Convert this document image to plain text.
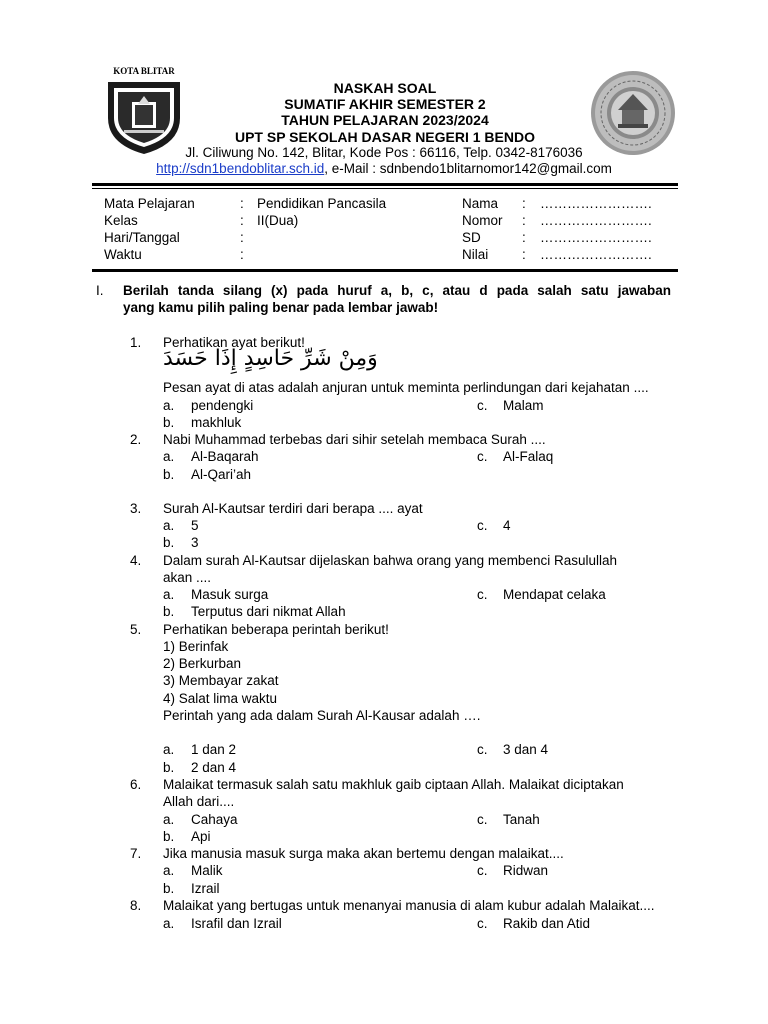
KOTA BLITAR
NASKAH SOAL
SUMATIF AKHIR SEMESTER 2
TAHUN PELAJARAN 2023/2024
UPT SP SEKOLAH DASAR NEGERI 1 BENDO
Jl. Ciliwung No. 142, Blitar, Kode Pos : 66116, Telp. 0342-8176036
http://sdn1bendoblitar.sch.id, e-Mail : sdnbendo1blitarnomor142@gmail.com
Mata Pelajaran	: Pendidikan Pancasila
Kelas	: II(Dua)
Hari/Tanggal	:
Waktu	:
Nama : …………………….
Nomor : …………………….
SD	: …………………….
Nilai : …………………….
I. Berilah tanda silang (x) pada huruf a, b, c, atau d pada salah satu jawaban
yang kamu pilih paling benar pada lembar jawab!
1. Perhatikan ayat berikut!
وَمِنْ شَرِّ حَاسِدٍ إِذَا حَسَدَ
Pesan ayat di atas adalah anjuran untuk meminta perlindungan dari kejahatan ....
a. pendengki	c. Malam
b. makhluk
2. Nabi Muhammad terbebas dari sihir setelah membaca Surah ....
a. Al-Baqarah	c. Al-Falaq
b. Al-Qari’ah
3. Surah Al-Kautsar terdiri dari berapa .... ayat
a. 5	c. 4
b. 3
4. Dalam surah Al-Kautsar dijelaskan bahwa orang yang membenci Rasulullah
akan ....
a. Masuk surga	c. Mendapat celaka
b. Terputus dari nikmat Allah
5. Perhatikan beberapa perintah berikut!
1) Berinfak
2) Berkurban
3) Membayar zakat
4) Salat lima waktu
Perintah yang ada dalam Surah Al-Kausar adalah ….
a. 1 dan 2	c. 3 dan 4
b. 2 dan 4
6. Malaikat termasuk salah satu makhluk gaib ciptaan Allah. Malaikat diciptakan
Allah dari....
a. Cahaya	c. Tanah
b. Api
7. Jika manusia masuk surga maka akan bertemu dengan malaikat....
a. Malik	c. Ridwan
b. Izrail
8. Malaikat yang bertugas untuk menanyai manusia di alam kubur adalah Malaikat....
a. Israfil dan Izrail	c. Rakib dan Atid
